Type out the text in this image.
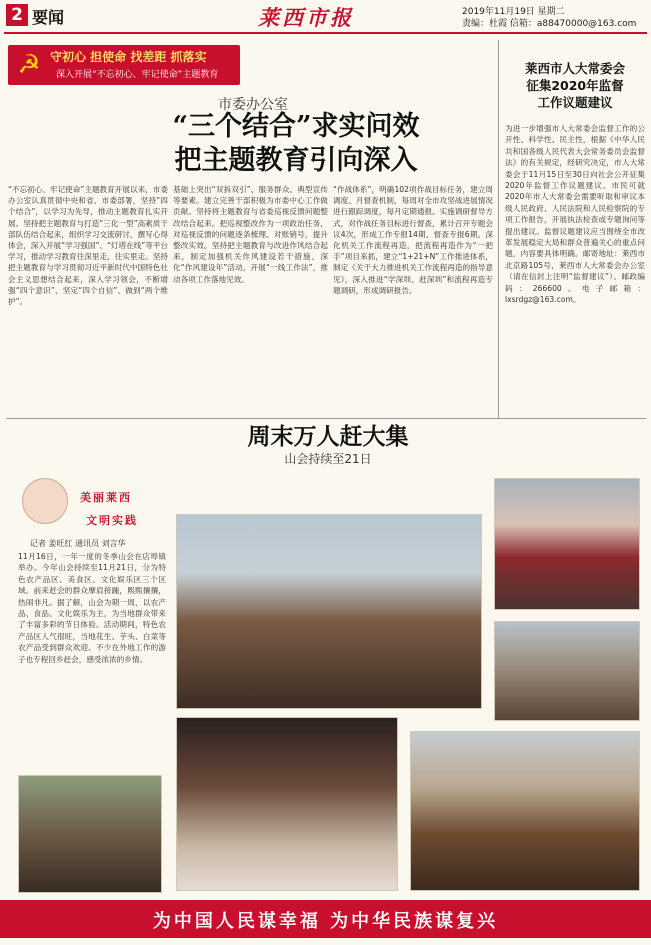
2 要闻	莱西市报	2019年11月19日 星期二
责编：杜霞 信箱：a88470000@163.com
☭ 守初心 担使命 找差距 抓落实
深入开展“不忘初心、牢记使命”主题教育
市委办公室
“三个结合”求实问效
把主题教育引向深入
“不忘初心、牢记使命”主题教育开展以来，市委办公室认真贯彻中央和省、市委部署，坚持“四个结合”，以学习为先导，推动主题教育扎实开展。坚持把主题教育与打造“三化一型”高素质干部队伍结合起来，组织学习交流研讨，撰写心得体会，深入开展“学习强国”、“灯塔在线”等平台学习，推动学习教育往深里走、往实里走。坚持把主题教育与学习贯彻习近平新时代中国特色社会主义思想结合起来，深入学习领会，不断增强“四个意识”、坚定“四个自信”、做到“两个维护”。
基础上突出“双拆双引”、服务群众、典型宣传等要素。建立完善干部积极为市委中心工作做贡献。坚持将主题教育与省委巡视反馈问题整改结合起来。把巡视整改作为一项政治任务，对巡视反馈的问题逐条梳理、对账销号，提升整改实效。坚持把主题教育与改进作风结合起来，制定加强机关作风建设若干措施，深化“作风建设年”活动，开展“一线工作法”，推动各项工作落地见效。
“作战体系”，明确102项作战目标任务，建立周调度、月督查机制，每周对全市攻坚战进展情况进行跟踪调度，每月定期通报。实施调研督导方式，对作战任务目标进行督查，累计召开专题会议4次，形成工作专报14期、督查专报6期。深化机关工作流程再造，把流程再造作为“一把手”项目来抓，建立“1+21+N”工作推进体系，制定《关于大力推进机关工作流程再造的指导意见》，深入推进“学深圳、赶深圳”和流程再造专题调研，形成调研报告。
莱西市人大常委会
征集2020年监督
工作议题建议
为进一步增强市人大常委会监督工作的公开性、科学性、民主性，根据《中华人民共和国各级人民代表大会常务委员会监督法》的有关规定，经研究决定，市人大常委会于11月15日至30日向社会公开征集2020年监督工作议题建议。市民可就2020年市人大常委会需要听取和审议本级人民政府、人民法院和人民检察院的专项工作报告，开展执法检查或专题询问等提出建议。监督议题建议应当围绕全市改革发展稳定大局和群众普遍关心的重点问题，内容要具体明确。邮寄地址：莱西市北京路105号，莱西市人大常委会办公室（请在信封上注明“监督建议”）。邮政编码：266600。电子邮箱：lxsrdgz@163.com。
周末万人赶大集
山会持续至21日
美丽莱西
文明实践
记者 姜旺红 通讯员 刘言华
11月16日，一年一度的冬季山会在店埠镇举办。今年山会持续至11月21日，分为特色农产品区、美食区、文化娱乐区三个区域。前来赶会的群众摩肩接踵，熙熙攘攘，热闹非凡。据了解，山会为期一周，以农产品、食品、文化娱乐为主，为当地群众带来了丰富多彩的节日体验。活动期间，特色农产品区人气很旺，当地花生、芋头、白菜等农产品受到群众欢迎。不少在外地工作的游子也专程回乡赶会，感受浓浓的乡情。
为中国人民谋幸福 为中华民族谋复兴
